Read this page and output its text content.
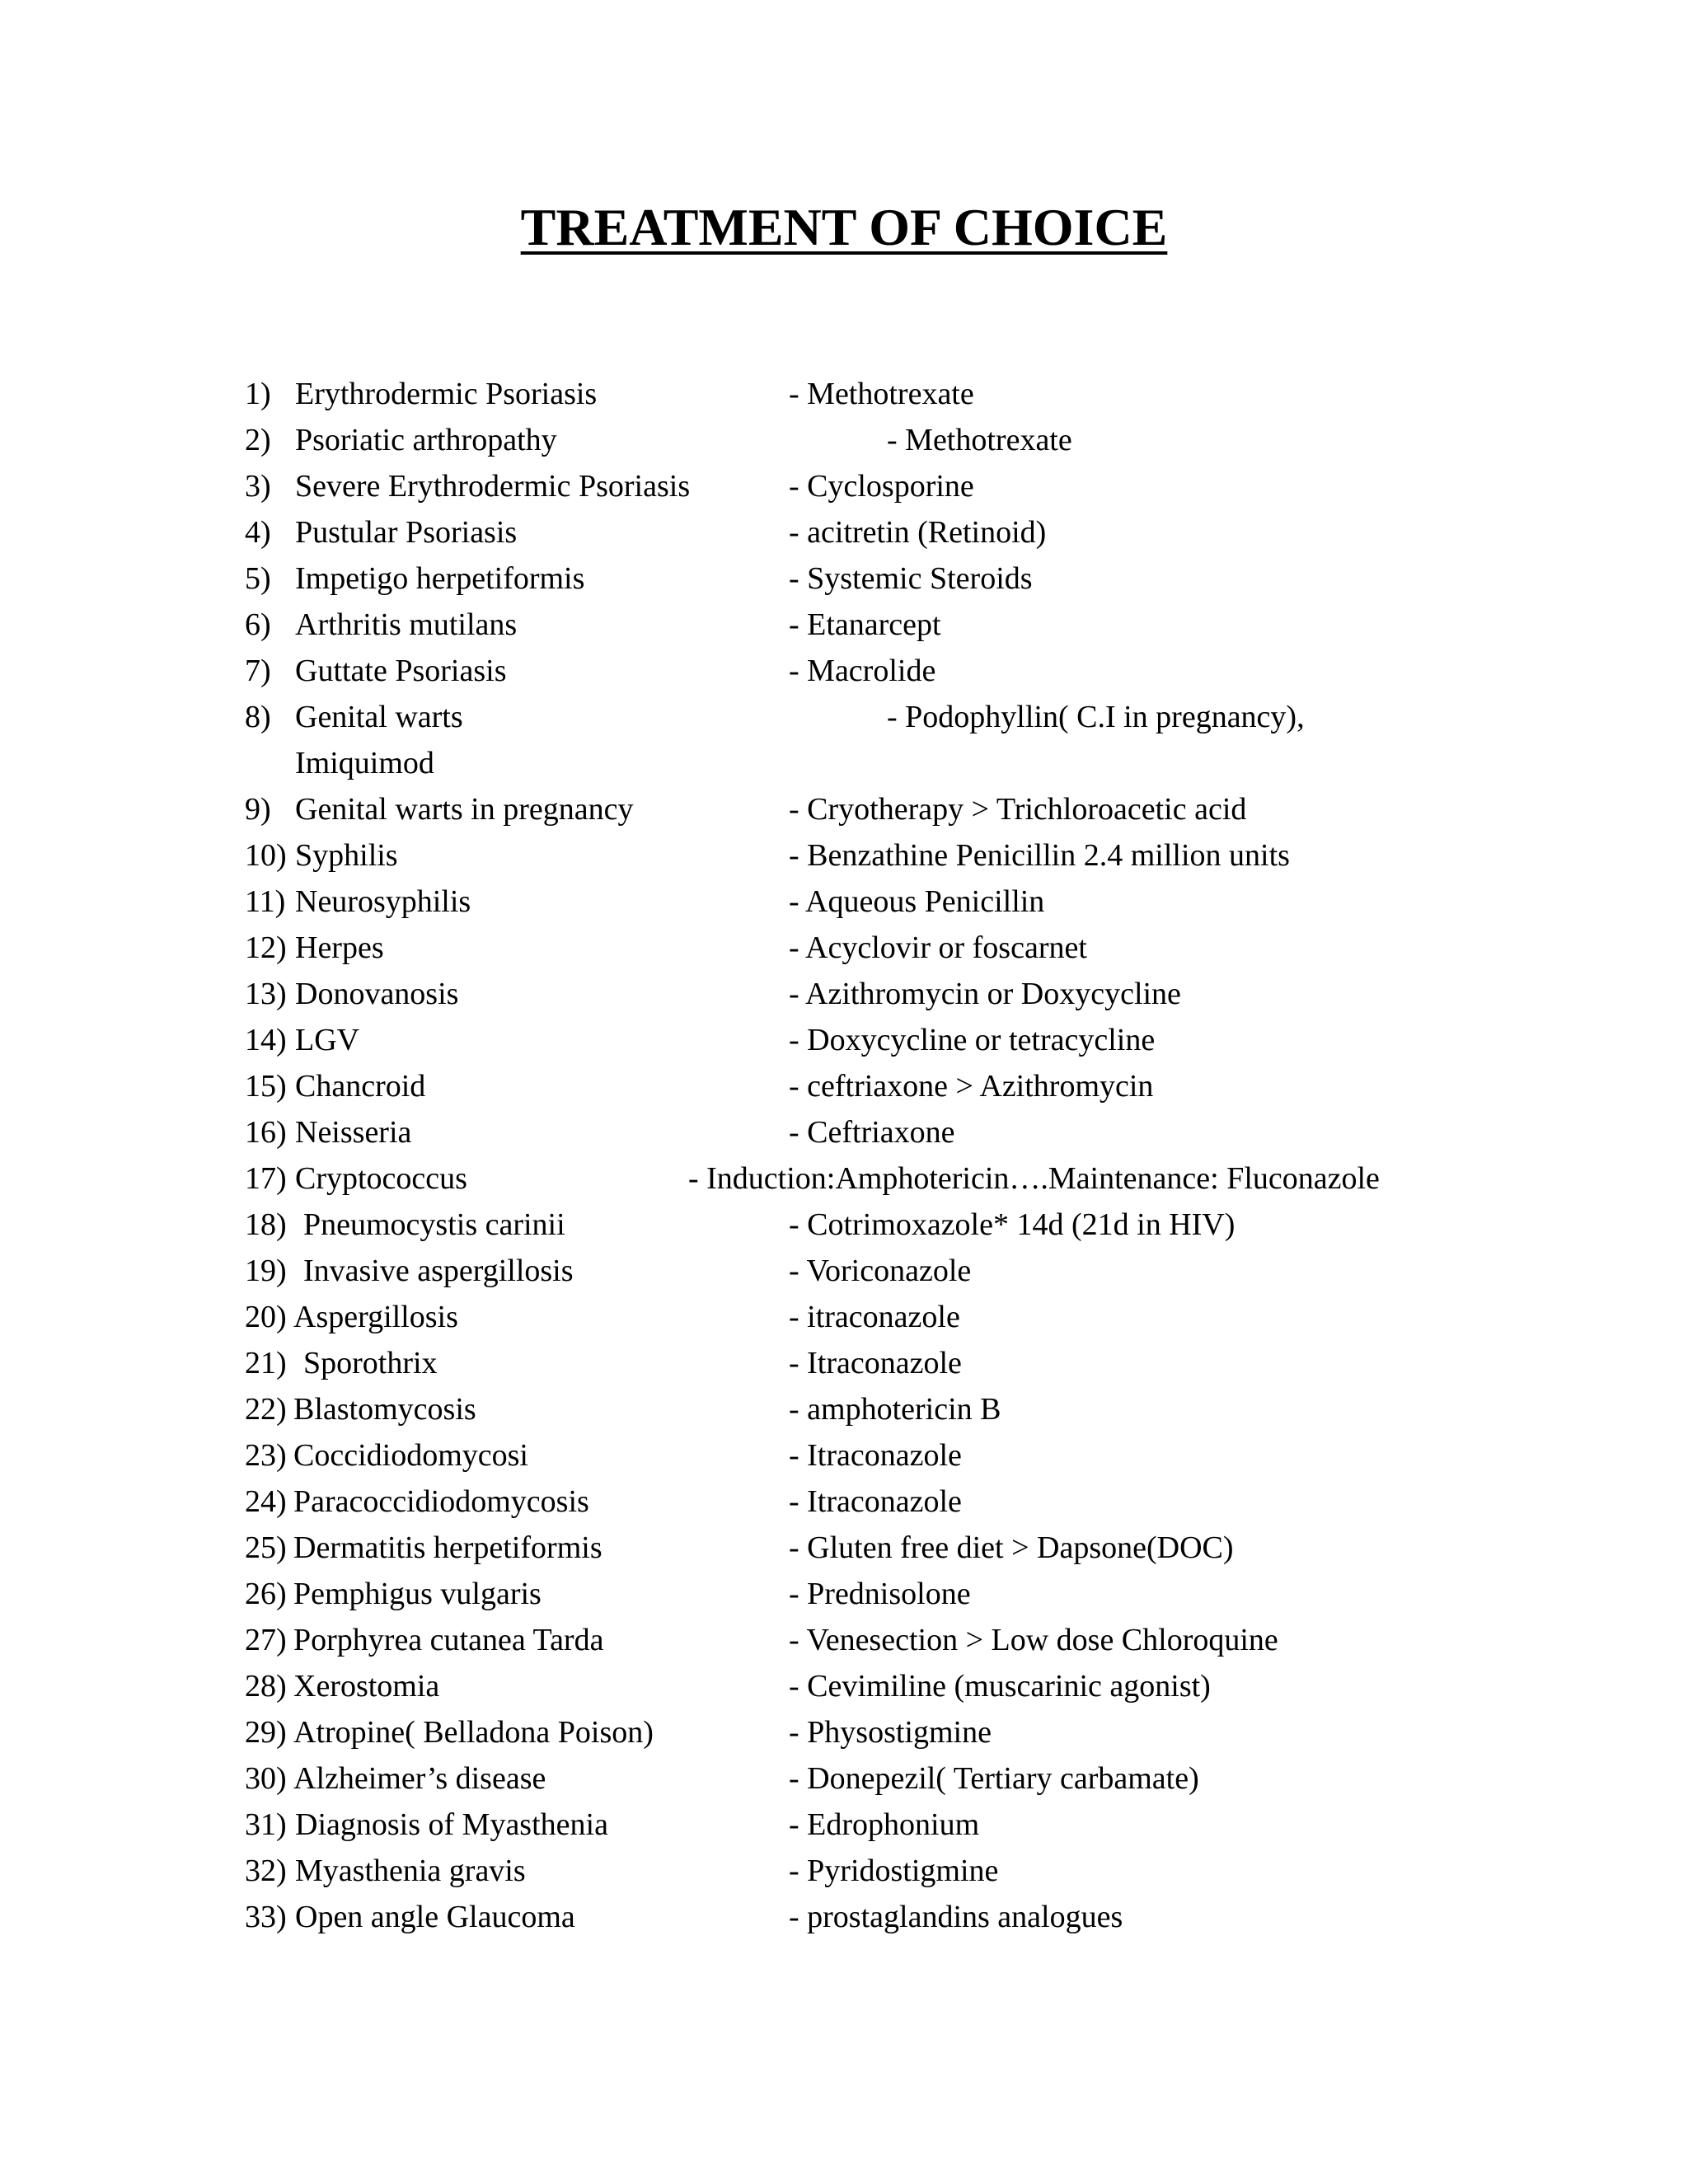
TREATMENT OF CHOICE
1) Erythrodermic Psoriasis	- Methotrexate
2) Psoriatic arthropathy	- Methotrexate
3) Severe Erythrodermic Psoriasis	- Cyclosporine
4) Pustular Psoriasis	- acitretin (Retinoid)
5) Impetigo herpetiformis	- Systemic Steroids
6) Arthritis mutilans	- Etanarcept
7) Guttate Psoriasis	- Macrolide
8) Genital warts	- Podophyllin( C.I in pregnancy),
Imiquimod
9) Genital warts in pregnancy	- Cryotherapy > Trichloroacetic acid
10) Syphilis	- Benzathine Penicillin 2.4 million units
11) Neurosyphilis	- Aqueous Penicillin
12) Herpes	- Acyclovir or foscarnet
13) Donovanosis	- Azithromycin or Doxycycline
14) LGV	- Doxycycline or tetracycline
15) Chancroid	- ceftriaxone > Azithromycin
16) Neisseria	- Ceftriaxone
17) Cryptococcus	- Induction:Amphotericin….Maintenance: Fluconazole
18) Pneumocystis carinii	- Cotrimoxazole* 14d (21d in HIV)
19) Invasive aspergillosis	- Voriconazole
20) Aspergillosis	- itraconazole
21) Sporothrix	- Itraconazole
22) Blastomycosis	- amphotericin B
23) Coccidiodomycosi	- Itraconazole
24) Paracoccidiodomycosis	- Itraconazole
25) Dermatitis herpetiformis	- Gluten free diet > Dapsone(DOC)
26) Pemphigus vulgaris	- Prednisolone
27) Porphyrea cutanea Tarda	- Venesection > Low dose Chloroquine
28) Xerostomia	- Cevimiline (muscarinic agonist)
29) Atropine( Belladona Poison)	- Physostigmine
30) Alzheimer’s disease	- Donepezil( Tertiary carbamate)
31) Diagnosis of Myasthenia	- Edrophonium
32) Myasthenia gravis	- Pyridostigmine
33) Open angle Glaucoma	- prostaglandins analogues
